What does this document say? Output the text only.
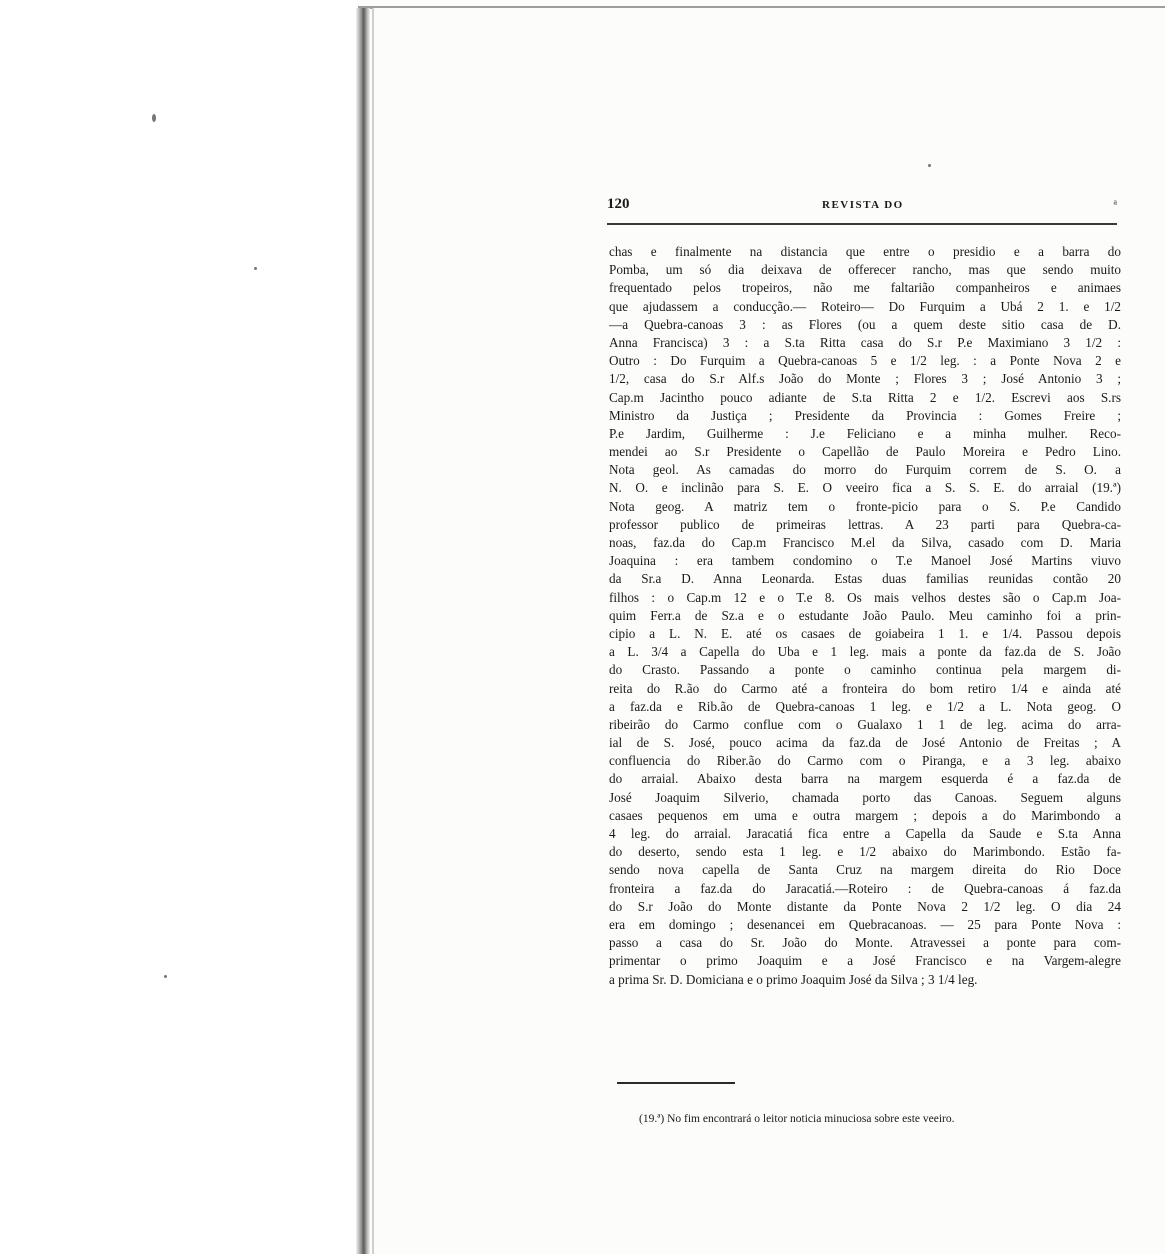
120	REVISTA DO	ᵃ
chas e finalmente na distancia que entre o presidio e a barra do
Pomba, um só dia deixava de offerecer rancho, mas que sendo muito
frequentado pelos tropeiros, não me faltarião companheiros e animaes
que ajudassem a conducção.— Roteiro— Do Furquim a Ubá 2 1. e 1/2
—a Quebra-canoas 3 : as Flores (ou a quem deste sitio casa de D.
Anna Francisca) 3 : a S.ta Ritta casa do S.r P.e Maximiano 3 1/2 :
Outro : Do Furquim a Quebra-canoas 5 e 1/2 leg. : a Ponte Nova 2 e
1/2, casa do S.r Alf.s João do Monte ; Flores 3 ; José Antonio 3 ;
Cap.m Jacintho pouco adiante de S.ta Ritta 2 e 1/2. Escrevi aos S.rs
Ministro da Justiça ; Presidente da Provincia : Gomes Freire ;
P.e Jardim, Guilherme : J.e Feliciano e a minha mulher. Reco-
mendei ao S.r Presidente o Capellão de Paulo Moreira e Pedro Lino.
Nota geol. As camadas do morro do Furquim correm de S. O. a
N. O. e inclinão para S. E. O veeiro fica a S. S. E. do arraial (19.ª)
Nota geog. A matriz tem o fronte-picio para o S. P.e Candido
professor publico de primeiras lettras. A 23 parti para Quebra-ca-
noas, faz.da do Cap.m Francisco M.el da Silva, casado com D. Maria
Joaquina : era tambem condomino o T.e Manoel José Martins viuvo
da Sr.a D. Anna Leonarda. Estas duas familias reunidas contão 20
filhos : o Cap.m 12 e o T.e 8. Os mais velhos destes são o Cap.m Joa-
quim Ferr.a de Sz.a e o estudante João Paulo. Meu caminho foi a prin-
cipio a L. N. E. até os casaes de goiabeira 1 1. e 1/4. Passou depois
a L. 3/4 a Capella do Uba e 1 leg. mais a ponte da faz.da de S. João
do Crasto. Passando a ponte o caminho continua pela margem di-
reita do R.ão do Carmo até a fronteira do bom retiro 1/4 e ainda até
a faz.da e Rib.ão de Quebra-canoas 1 leg. e 1/2 a L. Nota geog. O
ribeirão do Carmo conflue com o Gualaxo 1 1 de leg. acima do arra-
ial de S. José, pouco acima da faz.da de José Antonio de Freitas ; A
confluencia do Riber.ão do Carmo com o Piranga, e a 3 leg. abaixo
do arraial. Abaixo desta barra na margem esquerda é a faz.da de
José Joaquim Silverio, chamada porto das Canoas. Seguem alguns
casaes pequenos em uma e outra margem ; depois a do Marimbondo a
4 leg. do arraial. Jaracatiá fica entre a Capella da Saude e S.ta Anna
do deserto, sendo esta 1 leg. e 1/2 abaixo do Marimbondo. Estão fa-
sendo nova capella de Santa Cruz na margem direita do Rio Doce
fronteira a faz.da do Jaracatiá.—Roteiro : de Quebra-canoas á faz.da
do S.r João do Monte distante da Ponte Nova 2 1/2 leg. O dia 24
era em domingo ; desenancei em Quebracanoas. — 25 para Ponte Nova :
passo a casa do Sr. João do Monte. Atravessei a ponte para com-
primentar o primo Joaquim e a José Francisco e na Vargem-alegre
a prima Sr. D. Domiciana e o primo Joaquim José da Silva ; 3 1/4 leg.
(19.ª) No fim encontrará o leitor noticia minuciosa sobre este veeiro.
